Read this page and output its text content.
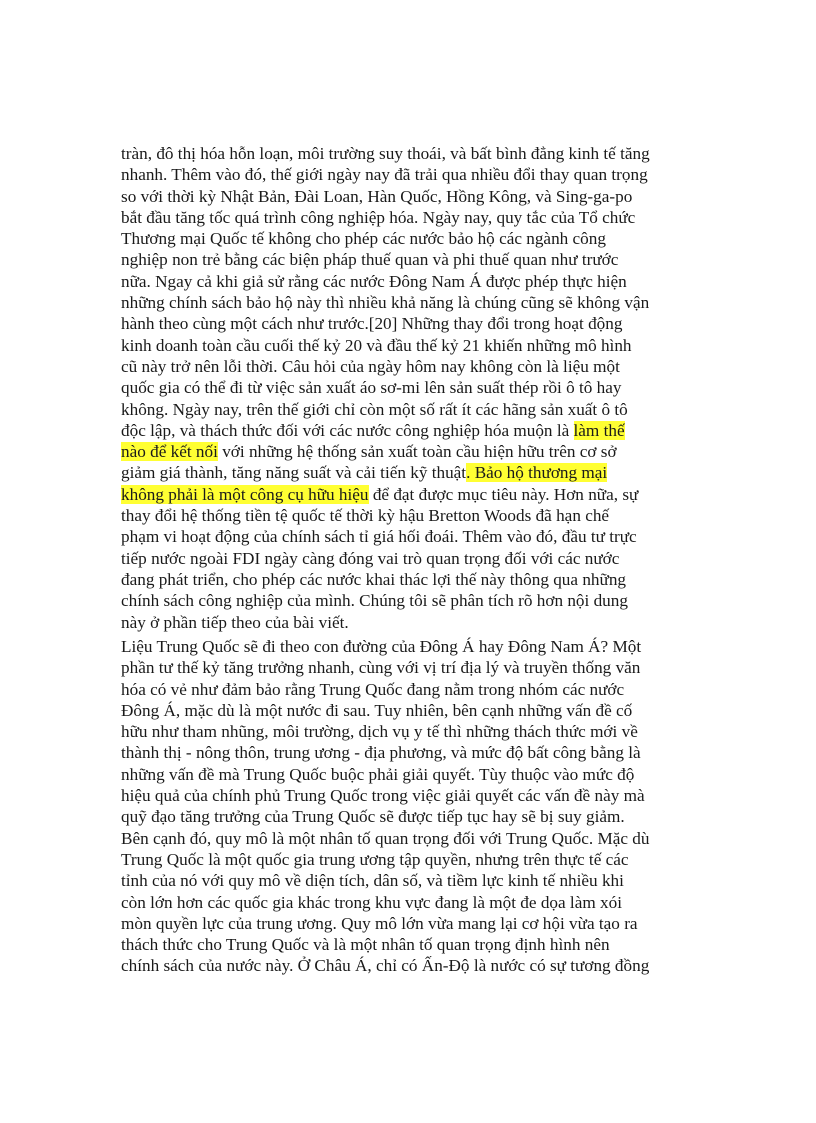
tràn, đô thị hóa hỗn loạn, môi trường suy thoái, và bất bình đẳng kinh tế tăng
nhanh. Thêm vào đó, thế giới ngày nay đã trải qua nhiều đổi thay quan trọng
so với thời kỳ Nhật Bản, Đài Loan, Hàn Quốc, Hồng Kông, và Sing-ga-po
bắt đầu tăng tốc quá trình công nghiệp hóa. Ngày nay, quy tắc của Tổ chức
Thương mại Quốc tế không cho phép các nước bảo hộ các ngành công
nghiệp non trẻ bằng các biện pháp thuế quan và phi thuế quan như trước
nữa. Ngay cả khi giả sử rằng các nước Đông Nam Á được phép thực hiện
những chính sách bảo hộ này thì nhiều khả năng là chúng cũng sẽ không vận
hành theo cùng một cách như trước.[20] Những thay đổi trong hoạt động
kinh doanh toàn cầu cuối thế kỷ 20 và đầu thế kỷ 21 khiến những mô hình
cũ này trở nên lỗi thời. Câu hỏi của ngày hôm nay không còn là liệu một
quốc gia có thể đi từ việc sản xuất áo sơ-mi lên sản suất thép rồi ô tô hay
không. Ngày nay, trên thế giới chỉ còn một số rất ít các hãng sản xuất ô tô
độc lập, và thách thức đối với các nước công nghiệp hóa muộn là làm thế
nào để kết nối với những hệ thống sản xuất toàn cầu hiện hữu trên cơ sở
giảm giá thành, tăng năng suất và cải tiến kỹ thuật. Bảo hộ thương mại
không phải là một công cụ hữu hiệu để đạt được mục tiêu này. Hơn nữa, sự
thay đổi hệ thống tiền tệ quốc tế thời kỳ hậu Bretton Woods đã hạn chế
phạm vi hoạt động của chính sách tỉ giá hối đoái. Thêm vào đó, đầu tư trực
tiếp nước ngoài FDI ngày càng đóng vai trò quan trọng đối với các nước
đang phát triển, cho phép các nước khai thác lợi thế này thông qua những
chính sách công nghiệp của mình. Chúng tôi sẽ phân tích rõ hơn nội dung
này ở phần tiếp theo của bài viết.
Liệu Trung Quốc sẽ đi theo con đường của Đông Á hay Đông Nam Á? Một
phần tư thế kỷ tăng trưởng nhanh, cùng với vị trí địa lý và truyền thống văn
hóa có vẻ như đảm bảo rằng Trung Quốc đang nằm trong nhóm các nước
Đông Á, mặc dù là một nước đi sau. Tuy nhiên, bên cạnh những vấn đề cố
hữu như tham nhũng, môi trường, dịch vụ y tế thì những thách thức mới về
thành thị - nông thôn, trung ương - địa phương, và mức độ bất công bằng là
những vấn đề mà Trung Quốc buộc phải giải quyết. Tùy thuộc vào mức độ
hiệu quả của chính phủ Trung Quốc trong việc giải quyết các vấn đề này mà
quỹ đạo tăng trưởng của Trung Quốc sẽ được tiếp tục hay sẽ bị suy giảm.
Bên cạnh đó, quy mô là một nhân tố quan trọng đối với Trung Quốc. Mặc dù
Trung Quốc là một quốc gia trung ương tập quyền, nhưng trên thực tế các
tỉnh của nó với quy mô về diện tích, dân số, và tiềm lực kinh tế nhiều khi
còn lớn hơn các quốc gia khác trong khu vực đang là một đe dọa làm xói
mòn quyền lực của trung ương. Quy mô lớn vừa mang lại cơ hội vừa tạo ra
thách thức cho Trung Quốc và là một nhân tố quan trọng định hình nên
chính sách của nước này. Ở Châu Á, chỉ có Ấn-Độ là nước có sự tương đồng
